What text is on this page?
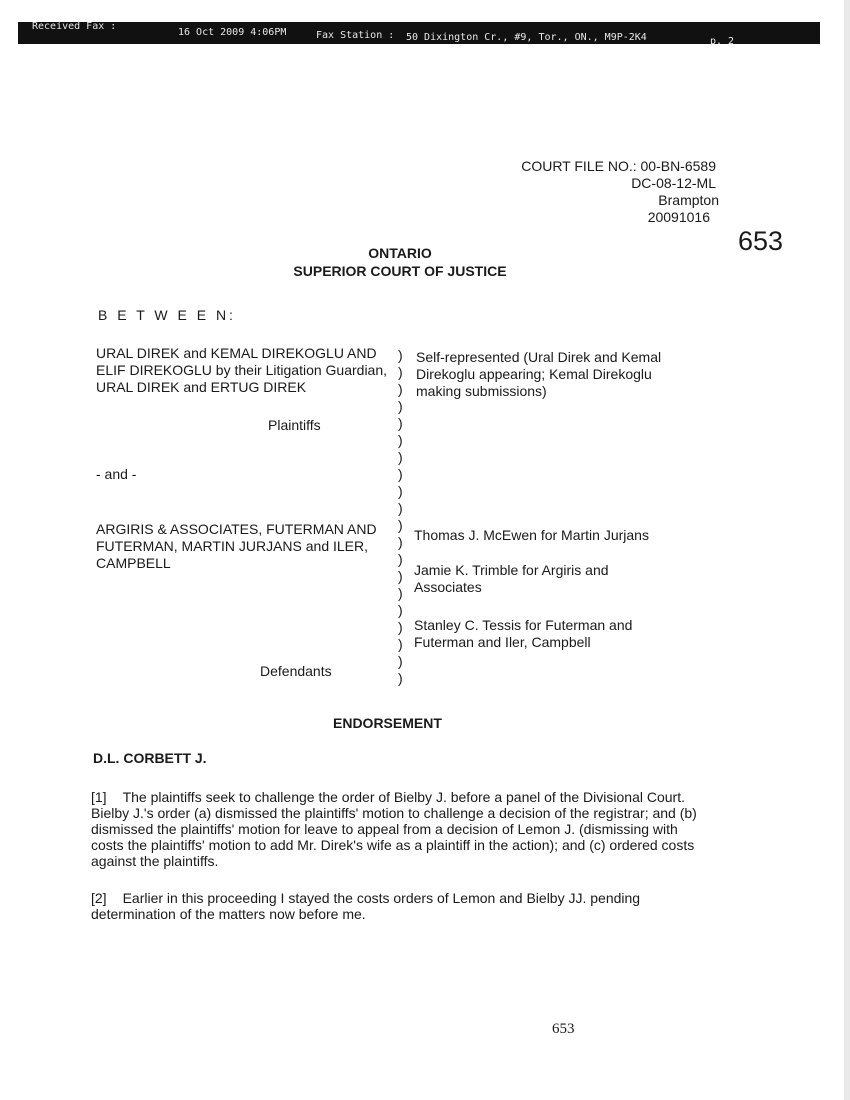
Received Fax :
16 Oct 2009 4:06PM	Fax Station : 50 Dixington Cr., #9, Tor., ON., M9P-2K4	p. 2
COURT FILE NO.: 00-BN-6589
DC-08-12-ML
Brampton
20091016
653
ONTARIO
SUPERIOR COURT OF JUSTICE
B E T W E E N:
URAL DIREK and KEMAL DIREKOGLU AND ELIF DIREKOGLU by their Litigation Guardian, URAL DIREK and ERTUG DIREK
Plaintiffs
- and -
ARGIRIS & ASSOCIATES, FUTERMAN AND FUTERMAN, MARTIN JURJANS and ILER, CAMPBELL
Defendants
)
)
)
)
)
)
)
)
)
)
)
)
)
)
)
)
)
)
)
)
Self-represented (Ural Direk and Kemal Direkoglu appearing; Kemal Direkoglu making submissions)
Thomas J. McEwen for Martin Jurjans
Jamie K. Trimble for Argiris and Associates
Stanley C. Tessis for Futerman and Futerman and Iler, Campbell
ENDORSEMENT
D.L. CORBETT J.
[1] The plaintiffs seek to challenge the order of Bielby J. before a panel of the Divisional Court. Bielby J.'s order (a) dismissed the plaintiffs' motion to challenge a decision of the registrar; and (b) dismissed the plaintiffs' motion for leave to appeal from a decision of Lemon J. (dismissing with costs the plaintiffs' motion to add Mr. Direk's wife as a plaintiff in the action); and (c) ordered costs against the plaintiffs.
[2] Earlier in this proceeding I stayed the costs orders of Lemon and Bielby JJ. pending determination of the matters now before me.
653
